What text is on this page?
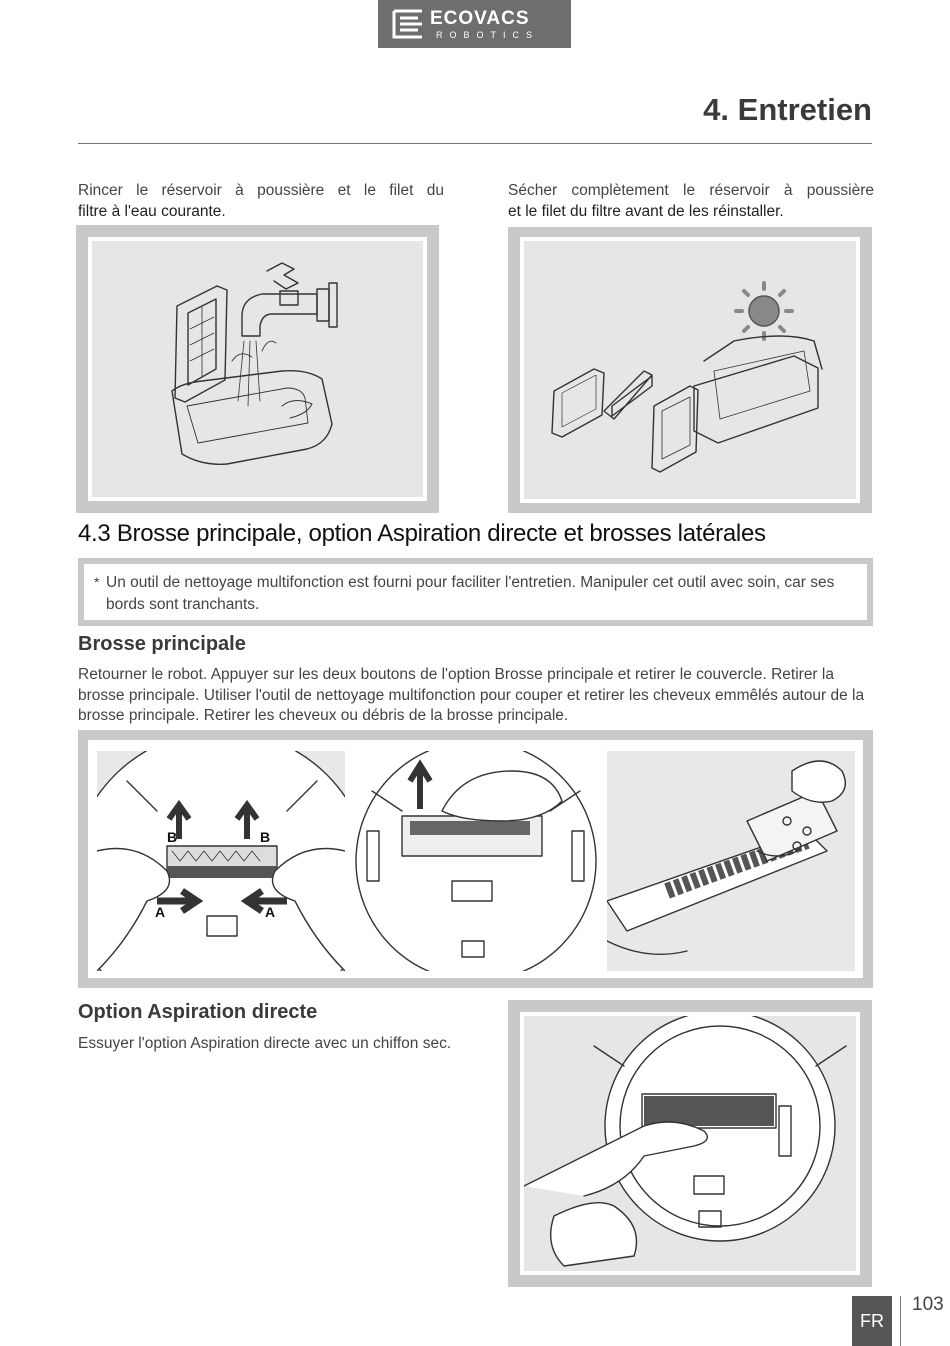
ECOVACS
ROBOTICS
4. Entretien
Rincer le réservoir à poussière et le filet du
filtre à l'eau courante.
Sécher complètement le réservoir à poussière
et le filet du filtre avant de les réinstaller.
4.3 Brosse principale, option Aspiration directe et brosses latérales
* Un outil de nettoyage multifonction est fourni pour faciliter l'entretien. Manipuler cet outil avec soin, car ses bords sont tranchants.
Brosse principale
Retourner le robot. Appuyer sur les deux boutons de l'option Brosse principale et retirer le couvercle. Retirer la brosse principale. Utiliser l'outil de nettoyage multifonction pour couper et retirer les cheveux emmêlés autour de la brosse principale. Retirer les cheveux ou débris de la brosse principale.
B	B
A	A
Option Aspiration directe
Essuyer l'option Aspiration directe avec un chiffon sec.
FR
103
